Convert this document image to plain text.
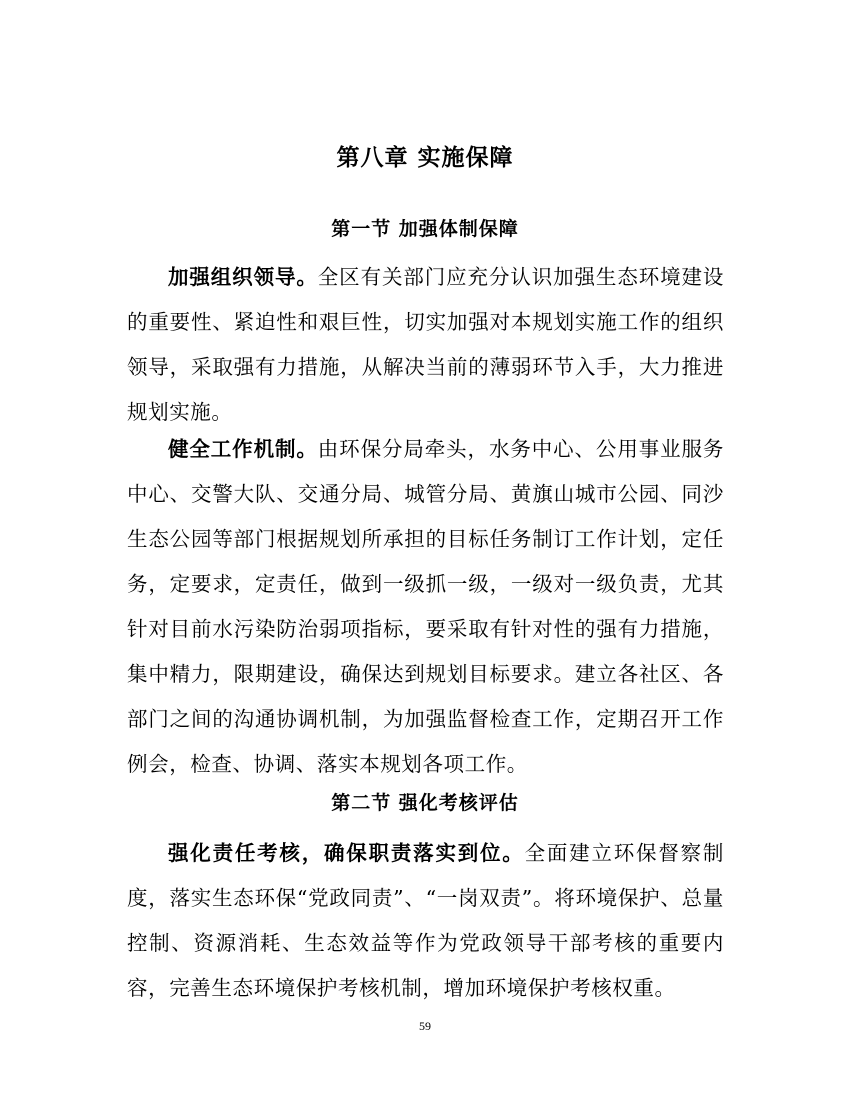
第八章 实施保障
第一节 加强体制保障

加强组织领导。全区有关部门应充分认识加强生态环境建设的重要性、紧迫性和艰巨性，切实加强对本规划实施工作的组织领导，采取强有力措施，从解决当前的薄弱环节入手，大力推进规划实施。

健全工作机制。由环保分局牵头，水务中心、公用事业服务中心、交警大队、交通分局、城管分局、黄旗山城市公园、同沙生态公园等部门根据规划所承担的目标任务制订工作计划，定任务，定要求，定责任，做到一级抓一级，一级对一级负责，尤其针对目前水污染防治弱项指标，要采取有针对性的强有力措施，集中精力，限期建设，确保达到规划目标要求。建立各社区、各部门之间的沟通协调机制，为加强监督检查工作，定期召开工作例会，检查、协调、落实本规划各项工作。

第二节 强化考核评估

强化责任考核，确保职责落实到位。全面建立环保督察制度，落实生态环保“党政同责”、“一岗双责”。将环境保护、总量控制、资源消耗、生态效益等作为党政领导干部考核的重要内容，完善生态环境保护考核机制，增加环境保护考核权重。

59
